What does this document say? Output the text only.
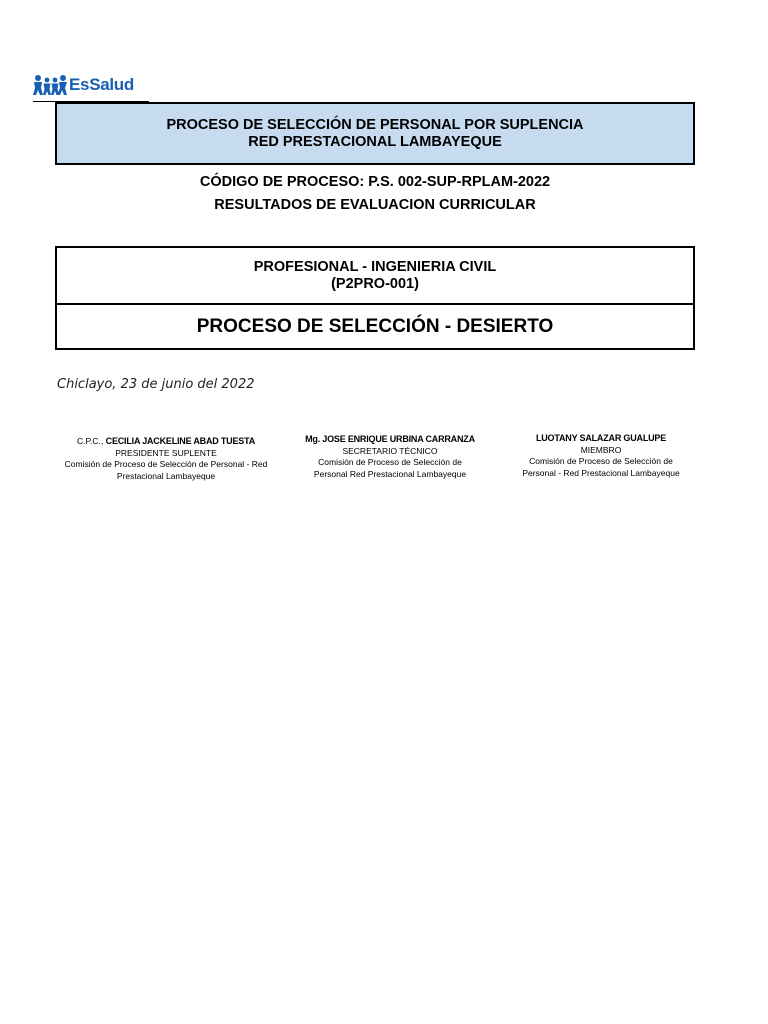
EsSalud
PROCESO DE SELECCIÓN DE PERSONAL POR SUPLENCIA
RED PRESTACIONAL LAMBAYEQUE
CÓDIGO DE PROCESO: P.S. 002-SUP-RPLAM-2022
RESULTADOS DE EVALUACION CURRICULAR
PROFESIONAL - INGENIERIA CIVIL
(P2PRO-001)
PROCESO DE SELECCIÓN - DESIERTO
Chiclayo, 23 de junio del 2022
C.P.C., CECILIA JACKELINE ABAD TUESTA
PRESIDENTE SUPLENTE
Comisión de Proceso de Selección de Personal - Red
Prestacional Lambayeque
Mg. JOSE ENRIQUE URBINA CARRANZA
SECRETARIO TÉCNICO
Comisión de Proceso de Selección de
Personal Red Prestacional Lambayeque
LUOTANY SALAZAR GUALUPE
MIEMBRO
Comisión de Proceso de Selección de
Personal - Red Prestacional Lambayeque
